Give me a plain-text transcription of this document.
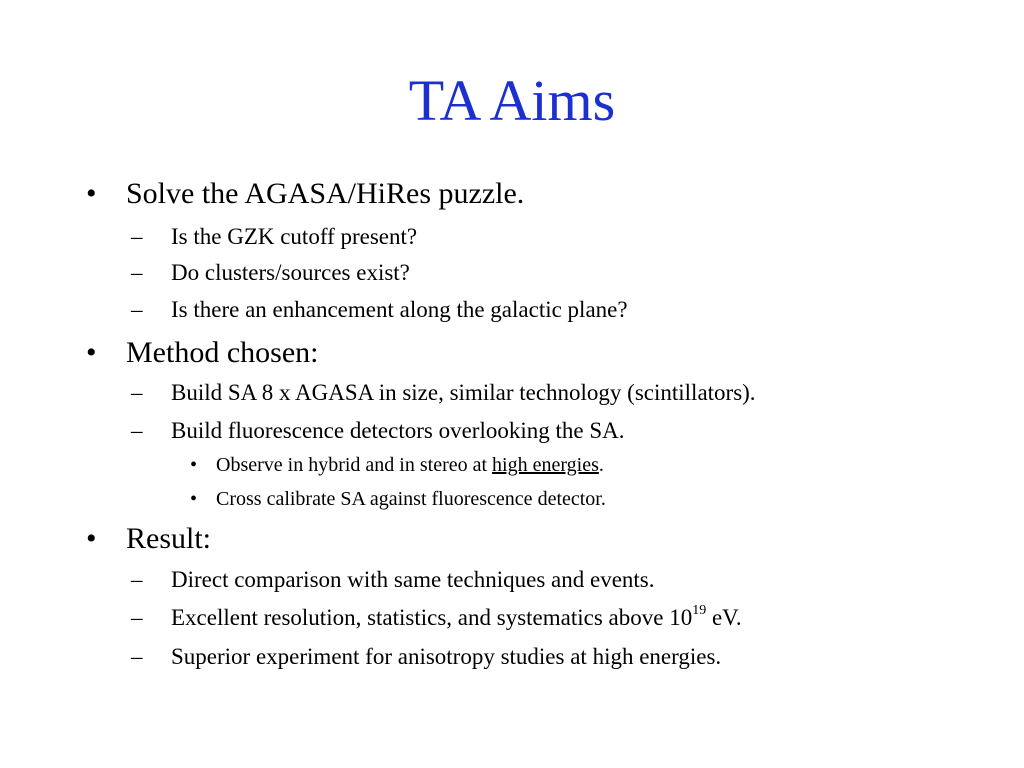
TA Aims
• Solve the AGASA/HiRes puzzle.
– Is the GZK cutoff present?
– Do clusters/sources exist?
– Is there an enhancement along the galactic plane?
• Method chosen:
– Build SA 8 x AGASA in size, similar technology (scintillators).
– Build fluorescence detectors overlooking the SA.
• Observe in hybrid and in stereo at high energies.
• Cross calibrate SA against fluorescence detector.
• Result:
– Direct comparison with same techniques and events.
– Excellent resolution, statistics, and systematics above $10^{19}$ eV.
– Superior experiment for anisotropy studies at high energies.
